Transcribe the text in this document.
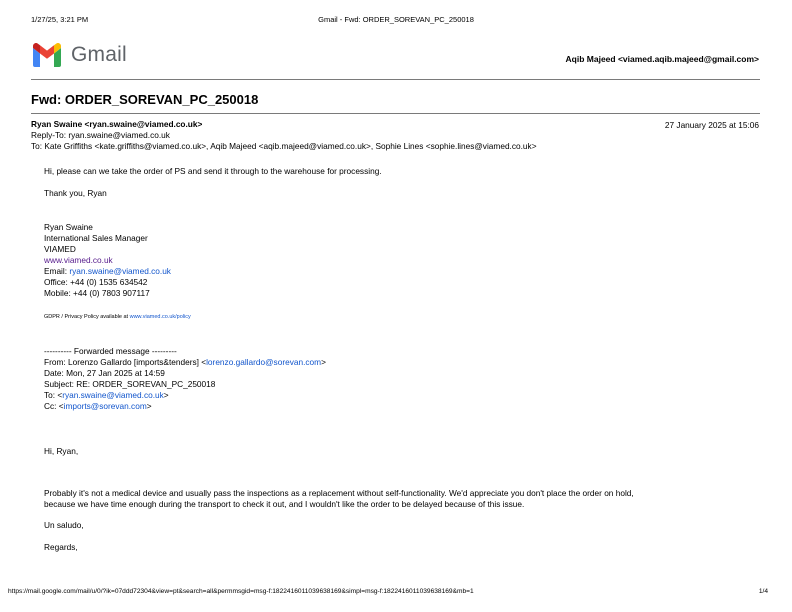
1/27/25, 3:21 PM	Gmail - Fwd: ORDER_SOREVAN_PC_250018
Gmail	Aqib Majeed <viamed.aqib.majeed@gmail.com>
Fwd: ORDER_SOREVAN_PC_250018
Ryan Swaine <ryan.swaine@viamed.co.uk>	27 January 2025 at 15:06
Reply-To: ryan.swaine@viamed.co.uk
To: Kate Griffiths <kate.griffiths@viamed.co.uk>, Aqib Majeed <aqib.majeed@viamed.co.uk>, Sophie Lines <sophie.lines@viamed.co.uk>
Hi, please can we take the order of PS and send it through to the warehouse for processing.
Thank you, Ryan
Ryan Swaine
International Sales Manager
VIAMED
www.viamed.co.uk
Email: ryan.swaine@viamed.co.uk
Office: +44 (0) 1535 634542
Mobile: +44 (0) 7803 907117
GDPR / Privacy Policy available at www.viamed.co.uk/policy
---------- Forwarded message ---------
From: Lorenzo Gallardo [imports&tenders] <lorenzo.gallardo@sorevan.com>
Date: Mon, 27 Jan 2025 at 14:59
Subject: RE: ORDER_SOREVAN_PC_250018
To: <ryan.swaine@viamed.co.uk>
Cc: <imports@sorevan.com>
Hi, Ryan,
Probably it's not a medical device and usually pass the inspections as a replacement without self-functionality. We'd appreciate you don't place the order on hold,
because we have time enough during the transport to check it out, and I wouldn't like the order to be delayed because of this issue.
Un saludo,
Regards,
https://mail.google.com/mail/u/0/?ik=07ddd72304&view=pt&search=all&permmsgid=msg-f:1822416011039638169&simpl=msg-f:1822416011039638169&mb=1	1/4
